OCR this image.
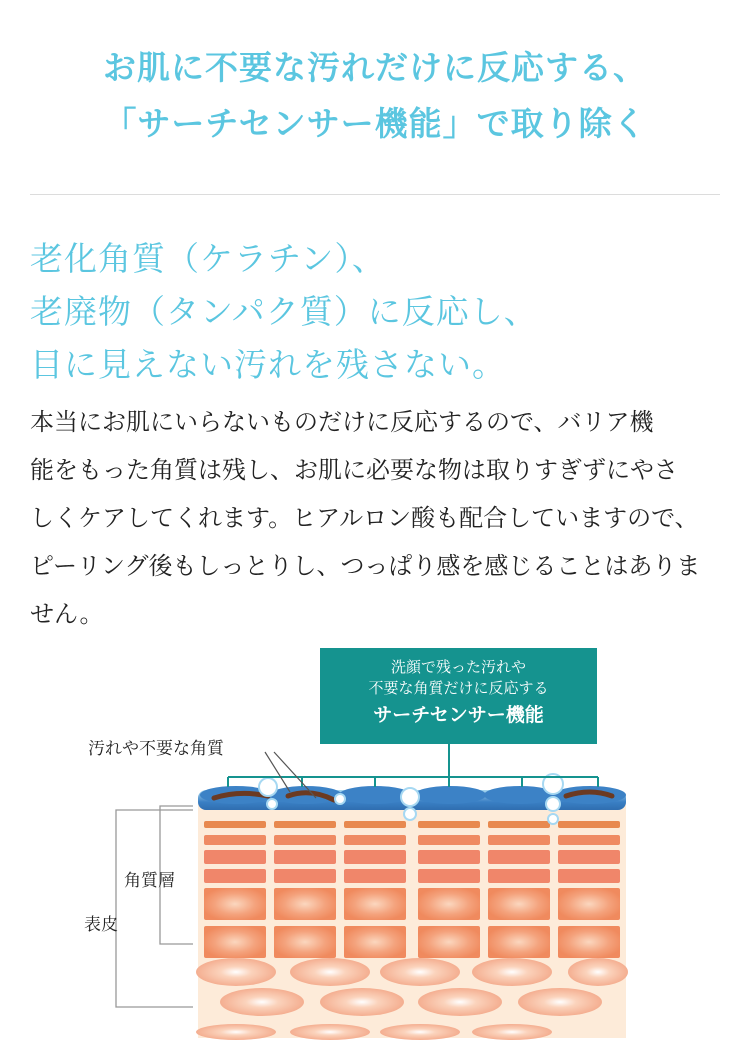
お肌に不要な汚れだけに反応する、
「サーチセンサー機能」で取り除く
老化角質（ケラチン）、
老廃物（タンパク質）に反応し、
目に見えない汚れを残さない。
本当にお肌にいらないものだけに反応するので、バリア機
能をもった角質は残し、お肌に必要な物は取りすぎずにやさ
しくケアしてくれます。ヒアルロン酸も配合していますので、
ピーリング後もしっとりし、つっぱり感を感じることはありま
せん。
洗顔で残った汚れや
不要な角質だけに反応する
サーチセンサー機能
汚れや不要な角質
角質層
表皮
